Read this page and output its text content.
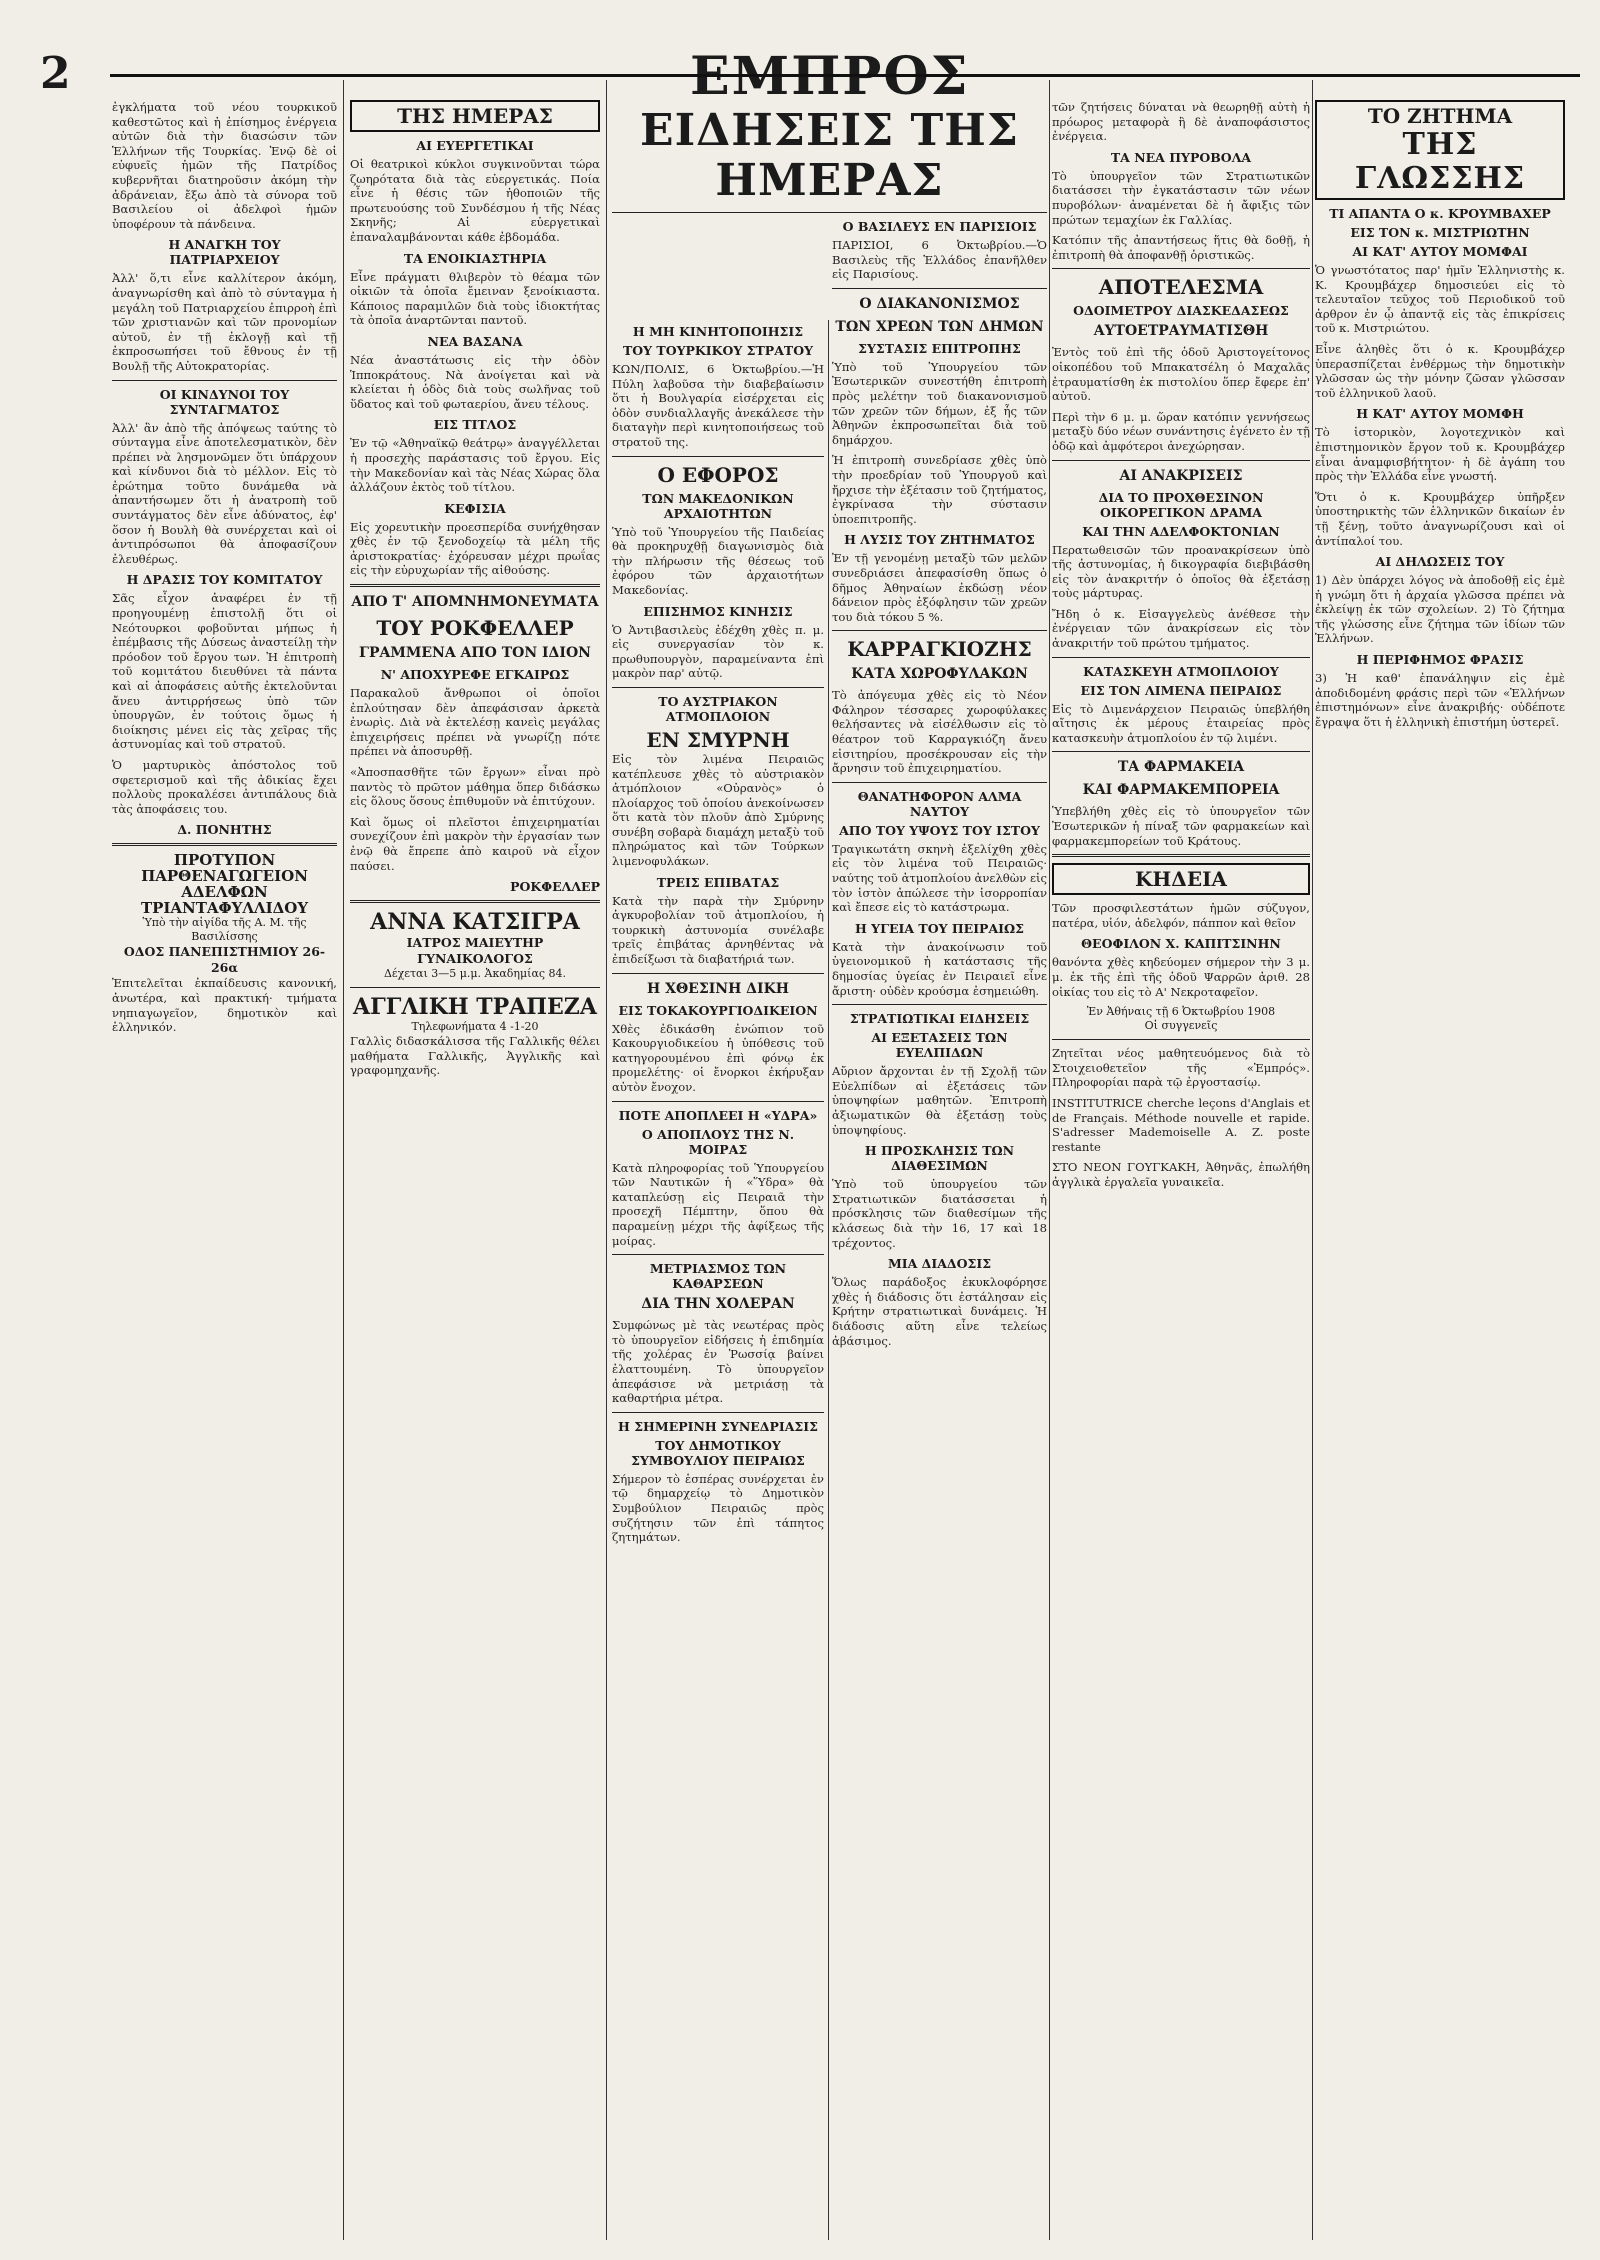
2	ΕΜΠΡΟΣ

ἐγκλήματα τοῦ νέου τουρκικοῦ καθεστῶτος καὶ ἡ ἐπίσημος ἐνέργεια αὐτῶν διὰ τὴν διασώσιν τῶν Ἑλλήνων τῆς Τουρκίας. Ἐνῷ δὲ οἱ εὐφυεῖς ἡμῶν τῆς Πατρίδος κυβερνῆται διατηροῦσιν ἀκόμη τὴν ἀδράνειαν, ἔξω ἀπὸ τὰ σύνορα τοῦ Βασιλείου οἱ ἀδελφοὶ ἡμῶν ὑποφέρουν τὰ πάνδεινα.

Η ΑΝΑΓΚΗ ΤΟΥ ΠΑΤΡΙΑΡΧΕΙΟΥ

Ἀλλ' ὅ,τι εἶνε καλλίτερον ἀκόμη, ἀναγνωρίσθη καὶ ἀπὸ τὸ σύνταγμα ἡ μεγάλη τοῦ Πατριαρχείου ἐπιρροὴ ἐπὶ τῶν χριστιανῶν καὶ τῶν προνομίων αὐτοῦ, ἐν τῇ ἐκλογῇ καὶ τῇ ἐκπροσωπήσει τοῦ ἔθνους ἐν τῇ Βουλῇ τῆς Αὐτοκρατορίας.

ΟΙ ΚΙΝΔΥΝΟΙ ΤΟΥ ΣΥΝΤΑΓΜΑΤΟΣ

Ἀλλ' ἂν ἀπὸ τῆς ἀπόψεως ταύτης τὸ σύνταγμα εἶνε ἀποτελεσματικὸν, δὲν πρέπει νὰ λησμονῶμεν ὅτι ὑπάρχουν καὶ κίνδυνοι διὰ τὸ μέλλον. Εἰς τὸ ἐρώτημα τοῦτο δυνάμεθα νὰ ἀπαντήσωμεν ὅτι ἡ ἀνατροπὴ τοῦ συντάγματος δὲν εἶνε ἀδύνατος, ἐφ' ὅσον ἡ Βουλὴ θὰ συνέρχεται καὶ οἱ ἀντιπρόσωποι θὰ ἀποφασίζουν ἐλευθέρως.

Η ΔΡΑΣΙΣ ΤΟΥ ΚΟΜΙΤΑΤΟΥ

Σᾶς εἶχον ἀναφέρει ἐν τῇ προηγουμένῃ ἐπιστολῇ ὅτι οἱ Νεότουρκοι φοβοῦνται μήπως ἡ ἐπέμβασις τῆς Δύσεως ἀναστείλῃ τὴν πρόοδον τοῦ ἔργου των. Ἡ ἐπιτροπὴ τοῦ κομιτάτου διευθύνει τὰ πάντα καὶ αἱ ἀποφάσεις αὐτῆς ἐκτελοῦνται ἄνευ ἀντιρρήσεως ὑπὸ τῶν ὑπουργῶν, ἐν τούτοις ὅμως ἡ διοίκησις μένει εἰς τὰς χεῖρας τῆς ἀστυνομίας καὶ τοῦ στρατοῦ.

Ὁ μαρτυρικὸς ἀπόστολος τοῦ σφετερισμοῦ καὶ τῆς ἀδικίας ἔχει πολλοὺς προκαλέσει ἀντιπάλους διὰ τὰς ἀποφάσεις του.

Δ. ΠΟΝΗΤΗΣ
ΠΡΟΤΥΠΟΝ ΠΑΡΘΕΝΑΓΩΓΕΙΟΝ
ΑΔΕΛΦΩΝ ΤΡΙΑΝΤΑΦΥΛΛΙΔΟΥ
Ὑπὸ τὴν αἰγίδα τῆς Α. Μ. τῆς Βασιλίσσης
ΟΔΟΣ ΠΑΝΕΠΙΣΤΗΜΙΟΥ 26-26α

Ἐπιτελεῖται ἐκπαίδευσις κανονική, ἀνωτέρα, καὶ πρακτική· τμήματα νηπιαγωγεῖον, δημοτικὸν καὶ ἑλληνικόν.

ΤΗΣ ΗΜΕΡΑΣ
ΑΙ ΕΥΕΡΓΕΤΙΚΑΙ

Οἱ θεατρικοὶ κύκλοι συγκινοῦνται τώρα ζωηρότατα διὰ τὰς εὐεργετικάς. Ποία εἶνε ἡ θέσις τῶν ἠθοποιῶν τῆς πρωτευούσης τοῦ Συνδέσμου ἡ τῆς Νέας Σκηνῆς; Αἱ εὐεργετικαὶ ἐπαναλαμβάνονται κάθε ἐβδομάδα.

ΤΑ ΕΝΟΙΚΙΑΣΤΗΡΙΑ

Εἶνε πράγματι θλιβερὸν τὸ θέαμα τῶν οἰκιῶν τὰ ὁποῖα ἔμειναν ξενοίκιαστα. Κάποιος παραμιλῶν διὰ τοὺς ἰδιοκτήτας τὰ ὁποῖα ἀναρτῶνται παντοῦ.

ΝΕΑ ΒΑΣΑΝΑ

Νέα ἀναστάτωσις εἰς τὴν ὁδὸν Ἱπποκράτους. Νὰ ἀνοίγεται καὶ νὰ κλείεται ἡ ὁδὸς διὰ τοὺς σωλῆνας τοῦ ὕδατος καὶ τοῦ φωταερίου, ἄνευ τέλους.

ΕΙΣ ΤΙΤΛΟΣ

Ἐν τῷ «Ἀθηναϊκῷ θεάτρῳ» ἀναγγέλλεται ἡ προσεχὴς παράστασις τοῦ ἔργου. Εἰς τὴν Μακεδονίαν καὶ τὰς Νέας Χώρας ὅλα ἀλλάζουν ἐκτὸς τοῦ τίτλου.

ΚΕΦΙΣΙΑ

Εἰς χορευτικὴν προεσπερίδα συνήχθησαν χθὲς ἐν τῷ ξενοδοχείῳ τὰ μέλη τῆς ἀριστοκρατίας· ἐχόρευσαν μέχρι πρωΐας εἰς τὴν εὐρυχωρίαν τῆς αἰθούσης.

ΑΠΟ Τ' ΑΠΟΜΝΗΜΟΝΕΥΜΑΤΑ
ΤΟΥ ΡΟΚΦΕΛΛΕΡ
ΓΡΑΜΜΕΝΑ ΑΠΟ ΤΟΝ ΙΔΙΟΝ
Ν' ΑΠΟΧΥΡΕΦΕ ΕΓΚΑΙΡΩΣ

Παρακαλοῦ ἄνθρωποι οἱ ὁποῖοι ἐπλούτησαν δὲν ἀπεφάσισαν ἀρκετὰ ἐνωρὶς. Διὰ νὰ ἐκτελέσῃ κανεὶς μεγάλας ἐπιχειρήσεις πρέπει νὰ γνωρίζῃ πότε πρέπει νὰ ἀποσυρθῇ.

«Ἀποσπασθῆτε τῶν ἔργων» εἶναι πρὸ παντὸς τὸ πρῶτον μάθημα ὅπερ διδάσκω εἰς ὅλους ὅσους ἐπιθυμοῦν νὰ ἐπιτύχουν.

Καὶ ὅμως οἱ πλεῖστοι ἐπιχειρηματίαι συνεχίζουν ἐπὶ μακρὸν τὴν ἐργασίαν των ἐνῷ θὰ ἔπρεπε ἀπὸ καιροῦ νὰ εἶχον παύσει.

ΡΟΚΦΕΛΛΕΡ
ΑΝΝΑ ΚΑΤΣΙΓΡΑ
ΙΑΤΡΟΣ ΜΑΙΕΥΤΗΡ ΓΥΝΑΙΚΟΛΟΓΟΣ
Δέχεται 3—5 μ.μ. Ἀκαδημίας 84.
ΑΓΓΛΙΚΗ ΤΡΑΠΕΖΑ
Τηλεφωνήματα 4 -1-20

Γαλλὶς διδασκάλισσα τῆς Γαλλικῆς θέλει μαθήματα Γαλλικῆς, Ἀγγλικῆς καὶ γραφομηχανῆς.

ΕΙΔΗΣΕΙΣ ΤΗΣ ΗΜΕΡΑΣ
Η ΜΗ ΚΙΝΗΤΟΠΟΙΗΣΙΣ
ΤΟΥ ΤΟΥΡΚΙΚΟΥ ΣΤΡΑΤΟΥ

ΚΩΝ/ΠΟΛΙΣ, 6 Ὀκτωβρίου.—Ἡ Πύλη λαβοῦσα τὴν διαβεβαίωσιν ὅτι ἡ Βουλγαρία εἰσέρχεται εἰς ὁδὸν συνδιαλλαγῆς ἀνεκάλεσε τὴν διαταγὴν περὶ κινητοποιήσεως τοῦ στρατοῦ της.

Ο ΕΦΟΡΟΣ
ΤΩΝ ΜΑΚΕΔΟΝΙΚΩΝ ΑΡΧΑΙΟΤΗΤΩΝ

Ὑπὸ τοῦ Ὑπουργείου τῆς Παιδείας θὰ προκηρυχθῇ διαγωνισμὸς διὰ τὴν πλήρωσιν τῆς θέσεως τοῦ ἐφόρου τῶν ἀρχαιοτήτων Μακεδονίας.

ΕΠΙΣΗΜΟΣ ΚΙΝΗΣΙΣ

Ὁ Ἀντιβασιλεὺς ἐδέχθη χθὲς π. μ. εἰς συνεργασίαν τὸν κ. πρωθυπουργὸν, παραμείναντα ἐπὶ μακρὸν παρ' αὐτῷ.

ΤΟ ΑΥΣΤΡΙΑΚΟΝ ΑΤΜΟΠΛΟΙΟΝ
ΕΝ ΣΜΥΡΝΗ

Εἰς τὸν λιμένα Πειραιῶς κατέπλευσε χθὲς τὸ αὐστριακὸν ἀτμόπλοιον «Οὐρανὸς» ὁ πλοίαρχος τοῦ ὁποίου ἀνεκοίνωσεν ὅτι κατὰ τὸν πλοῦν ἀπὸ Σμύρνης συνέβη σοβαρὰ διαμάχη μεταξὺ τοῦ πληρώματος καὶ τῶν Τούρκων λιμενοφυλάκων.

ΤΡΕΙΣ ΕΠΙΒΑΤΑΣ

Κατὰ τὴν παρὰ τὴν Σμύρνην ἀγκυροβολίαν τοῦ ἀτμοπλοίου, ἡ τουρκικὴ ἀστυνομία συνέλαβε τρεῖς ἐπιβάτας ἀρνηθέντας νὰ ἐπιδείξωσι τὰ διαβατήριά των.

Η ΧΘΕΣΙΝΗ ΔΙΚΗ
ΕΙΣ ΤΟΚΑΚΟΥΡΓΙΟΔΙΚΕΙΟΝ

Χθὲς ἐδικάσθη ἐνώπιον τοῦ Κακουργιοδικείου ἡ ὑπόθεσις τοῦ κατηγορουμένου ἐπὶ φόνῳ ἐκ προμελέτης· οἱ ἔνορκοι ἐκήρυξαν αὐτὸν ἔνοχον.

ΠΟΤΕ ΑΠΟΠΛΕΕΙ Η «ΥΔΡΑ»
Ο ΑΠΟΠΛΟΥΣ ΤΗΣ Ν. ΜΟΙΡΑΣ

Κατὰ πληροφορίας τοῦ Ὑπουργείου τῶν Ναυτικῶν ἡ «Ὕδρα» θὰ καταπλεύσῃ εἰς Πειραιᾶ τὴν προσεχῆ Πέμπτην, ὅπου θὰ παραμείνῃ μέχρι τῆς ἀφίξεως τῆς μοίρας.

ΜΕΤΡΙΑΣΜΟΣ ΤΩΝ ΚΑΘΑΡΣΕΩΝ
ΔΙΑ ΤΗΝ ΧΟΛΕΡΑΝ

Συμφώνως μὲ τὰς νεωτέρας πρὸς τὸ ὑπουργεῖον εἰδήσεις ἡ ἐπιδημία τῆς χολέρας ἐν Ῥωσσίᾳ βαίνει ἐλαττουμένη. Τὸ ὑπουργεῖον ἀπεφάσισε νὰ μετριάσῃ τὰ καθαρτήρια μέτρα.

Η ΣΗΜΕΡΙΝΗ ΣΥΝΕΔΡΙΑΣΙΣ
ΤΟΥ ΔΗΜΟΤΙΚΟΥ ΣΥΜΒΟΥΛΙΟΥ ΠΕΙΡΑΙΩΣ

Σήμερον τὸ ἑσπέρας συνέρχεται ἐν τῷ δημαρχείῳ τὸ Δημοτικὸν Συμβούλιον Πειραιῶς πρὸς συζήτησιν τῶν ἐπὶ τάπητος ζητημάτων.

Ο ΒΑΣΙΛΕΥΣ ΕΝ ΠΑΡΙΣΙΟΙΣ

ΠΑΡΙΣΙΟΙ, 6 Ὀκτωβρίου.—Ὁ Βασιλεὺς τῆς Ἑλλάδος ἐπανῆλθεν εἰς Παρισίους.

Ο ΔΙΑΚΑΝΟΝΙΣΜΟΣ
ΤΩΝ ΧΡΕΩΝ ΤΩΝ ΔΗΜΩΝ
ΣΥΣΤΑΣΙΣ ΕΠΙΤΡΟΠΗΣ

Ὑπὸ τοῦ Ὑπουργείου τῶν Ἐσωτερικῶν συνεστήθη ἐπιτροπὴ πρὸς μελέτην τοῦ διακανονισμοῦ τῶν χρεῶν τῶν δήμων, ἐξ ἧς τῶν Ἀθηνῶν ἐκπροσωπεῖται διὰ τοῦ δημάρχου.

Ἡ ἐπιτροπὴ συνεδρίασε χθὲς ὑπὸ τὴν προεδρίαν τοῦ Ὑπουργοῦ καὶ ἤρχισε τὴν ἐξέτασιν τοῦ ζητήματος, ἐγκρίνασα τὴν σύστασιν ὑποεπιτροπῆς.

Η ΛΥΣΙΣ ΤΟΥ ΖΗΤΗΜΑΤΟΣ

Ἐν τῇ γενομένῃ μεταξὺ τῶν μελῶν συνεδριάσει ἀπεφασίσθη ὅπως ὁ δῆμος Ἀθηναίων ἐκδώσῃ νέον δάνειον πρὸς ἐξόφλησιν τῶν χρεῶν του διὰ τόκου 5 %.

ΚΑΡΡΑΓΚΙΟΖΗΣ
ΚΑΤΑ ΧΩΡΟΦΥΛΑΚΩΝ

Τὸ ἀπόγευμα χθὲς εἰς τὸ Νέον Φάληρον τέσσαρες χωροφύλακες θελήσαντες νὰ εἰσέλθωσιν εἰς τὸ θέατρον τοῦ Καρραγκιόζη ἄνευ εἰσιτηρίου, προσέκρουσαν εἰς τὴν ἄρνησιν τοῦ ἐπιχειρηματίου.

ΘΑΝΑΤΗΦΟΡΟΝ ΑΛΜΑ ΝΑΥΤΟΥ
ΑΠΟ ΤΟΥ ΥΨΟΥΣ ΤΟΥ ΙΣΤΟΥ

Τραγικωτάτη σκηνὴ ἐξελίχθη χθὲς εἰς τὸν λιμένα τοῦ Πειραιῶς· ναύτης τοῦ ἀτμοπλοίου ἀνελθὼν εἰς τὸν ἱστὸν ἀπώλεσε τὴν ἰσορροπίαν καὶ ἔπεσε εἰς τὸ κατάστρωμα.

Η ΥΓΕΙΑ ΤΟΥ ΠΕΙΡΑΙΩΣ

Κατὰ τὴν ἀνακοίνωσιν τοῦ ὑγειονομικοῦ ἡ κατάστασις τῆς δημοσίας ὑγείας ἐν Πειραιεῖ εἶνε ἄριστη· οὐδὲν κρούσμα ἐσημειώθη.

ΣΤΡΑΤΙΩΤΙΚΑΙ ΕΙΔΗΣΕΙΣ
ΑΙ ΕΞΕΤΑΣΕΙΣ ΤΩΝ ΕΥΕΛΠΙΔΩΝ

Αὔριον ἄρχονται ἐν τῇ Σχολῇ τῶν Εὐελπίδων αἱ ἐξετάσεις τῶν ὑποψηφίων μαθητῶν. Ἐπιτροπὴ ἀξιωματικῶν θὰ ἐξετάσῃ τοὺς ὑποψηφίους.

Η ΠΡΟΣΚΛΗΣΙΣ ΤΩΝ ΔΙΑΘΕΣΙΜΩΝ

Ὑπὸ τοῦ ὑπουργείου τῶν Στρατιωτικῶν διατάσσεται ἡ πρόσκλησις τῶν διαθεσίμων τῆς κλάσεως διὰ τὴν 16, 17 καὶ 18 τρέχοντος.

ΜΙΑ ΔΙΑΔΟΣΙΣ

Ὅλως παράδοξος ἐκυκλοφόρησε χθὲς ἡ διάδοσις ὅτι ἐστάλησαν εἰς Κρήτην στρατιωτικαὶ δυνάμεις. Ἡ διάδοσις αὕτη εἶνε τελείως ἀβάσιμος.

τῶν ζητήσεις δύναται νὰ θεωρηθῇ αὐτὴ ἡ πρόωρος μεταφορὰ ἢ δὲ ἀναποφάσιστος ἐνέργεια.

ΤΑ ΝΕΑ ΠΥΡΟΒΟΛΑ

Τὸ ὑπουργεῖον τῶν Στρατιωτικῶν διατάσσει τὴν ἐγκατάστασιν τῶν νέων πυροβόλων· ἀναμένεται δὲ ἡ ἄφιξις τῶν πρώτων τεμαχίων ἐκ Γαλλίας.

Κατόπιν τῆς ἀπαντήσεως ἥτις θὰ δοθῇ, ἡ ἐπιτροπὴ θὰ ἀποφανθῇ ὁριστικῶς.

ΑΠΟΤΕΛΕΣΜΑ
ΟΔΟΙΜΕΤΡΟΥ ΔΙΑΣΚΕΔΑΣΕΩΣ
ΑΥΤΟΕΤΡΑΥΜΑΤΙΣΘΗ

Ἐντὸς τοῦ ἐπὶ τῆς ὁδοῦ Ἀριστογείτονος οἰκοπέδου τοῦ Μπακατσέλη ὁ Μαχαλᾶς ἐτραυματίσθη ἐκ πιστολίου ὅπερ ἔφερε ἐπ' αὐτοῦ.

Περὶ τὴν 6 μ. μ. ὥραν κατόπιν γεννήσεως μεταξὺ δύο νέων συνάντησις ἐγένετο ἐν τῇ ὁδῷ καὶ ἀμφότεροι ἀνεχώρησαν.

ΑΙ ΑΝΑΚΡΙΣΕΙΣ
ΔΙΑ ΤΟ ΠΡΟΧΘΕΣΙΝΟΝ ΟΙΚΟΡΕΓΙΚΟΝ ΔΡΑΜΑ
ΚΑΙ ΤΗΝ ΑΔΕΛΦΟΚΤΟΝΙΑΝ

Περατωθεισῶν τῶν προανακρίσεων ὑπὸ τῆς ἀστυνομίας, ἡ δικογραφία διεβιβάσθη εἰς τὸν ἀνακριτήν ὁ ὁποῖος θὰ ἐξετάσῃ τοὺς μάρτυρας.

Ἤδη ὁ κ. Εἰσαγγελεὺς ἀνέθεσε τὴν ἐνέργειαν τῶν ἀνακρίσεων εἰς τὸν ἀνακριτήν τοῦ πρώτου τμήματος.

ΚΑΤΑΣΚΕΥΗ ΑΤΜΟΠΛΟΙΟΥ
ΕΙΣ ΤΟΝ ΛΙΜΕΝΑ ΠΕΙΡΑΙΩΣ

Εἰς τὸ Διμενάρχειον Πειραιῶς ὑπεβλήθη αἴτησις ἐκ μέρους ἑταιρείας πρὸς κατασκευὴν ἀτμοπλοίου ἐν τῷ λιμένι.

ΤΑ ΦΑΡΜΑΚΕΙΑ
ΚΑΙ ΦΑΡΜΑΚΕΜΠΟΡΕΙΑ

Ὑπεβλήθη χθὲς εἰς τὸ ὑπουργεῖον τῶν Ἐσωτερικῶν ἡ πίναξ τῶν φαρμακείων καὶ φαρμακεμπορείων τοῦ Κράτους.

ΚΗΔΕΙΑ

Τῶν προσφιλεστάτων ἡμῶν σύζυγον, πατέρα, υἱόν, ἀδελφόν, πάππον καὶ θεῖον

ΘΕΟΦΙΛΟΝ Χ. ΚΑΠΙΤΣΙΝΗΝ

θανόντα χθὲς κηδεύομεν σήμερον τὴν 3 μ. μ. ἐκ τῆς ἐπὶ τῆς ὁδοῦ Ψαρρῶν ἀριθ. 28 οἰκίας του εἰς τὸ Α' Νεκροταφεῖον.

Ἐν Ἀθήναις τῇ 6 Ὀκτωβρίου 1908
Οἱ συγγενεῖς

Ζητεῖται νέος μαθητευόμενος διὰ τὸ Στοιχειοθετεῖον τῆς «Ἐμπρός». Πληροφορίαι παρὰ τῷ ἐργοστασίῳ.

INSTITUTRICE cherche leçons d'Anglais et de Français. Méthode nouvelle et rapide. S'adresser Mademoiselle A. Z. poste restante

ΣΤΟ ΝΕΟΝ ΓΟΥΓΚΑΚΗ, Ἀθηνᾶς, ἐπωλήθη ἀγγλικὰ ἐργαλεῖα γυναικεῖα.

ΤΟ ΖΗΤΗΜΑ
ΤΗΣ ΓΛΩΣΣΗΣ
ΤΙ ΑΠΑΝΤΑ Ο κ. ΚΡΟΥΜΒΑΧΕΡ
ΕΙΣ ΤΟΝ κ. ΜΙΣΤΡΙΩΤΗΝ
ΑΙ ΚΑΤ' ΑΥΤΟΥ ΜΟΜΦΑΙ

Ὁ γνωστότατος παρ' ἡμῖν Ἑλληνιστὴς κ. Κ. Κρουμβάχερ δημοσιεύει εἰς τὸ τελευταῖον τεῦχος τοῦ Περιοδικοῦ τοῦ ἀρθρον ἐν ᾧ ἀπαντᾷ εἰς τὰς ἐπικρίσεις τοῦ κ. Μιστριώτου.

Εἶνε ἀληθὲς ὅτι ὁ κ. Κρουμβάχερ ὑπερασπίζεται ἐνθέρμως τὴν δημοτικὴν γλῶσσαν ὡς τὴν μόνην ζῶσαν γλῶσσαν τοῦ ἑλληνικοῦ λαοῦ.

Η ΚΑΤ' ΑΥΤΟΥ ΜΟΜΦΗ

Τὸ ἱστορικὸν, λογοτεχνικὸν καὶ ἐπιστημονικὸν ἔργον τοῦ κ. Κρουμβάχερ εἶναι ἀναμφισβήτητον· ἡ δὲ ἀγάπη του πρὸς τὴν Ἑλλάδα εἶνε γνωστή.

Ὅτι ὁ κ. Κρουμβάχερ ὑπῆρξεν ὑποστηρικτὴς τῶν ἑλληνικῶν δικαίων ἐν τῇ ξένῃ, τοῦτο ἀναγνωρίζουσι καὶ οἱ ἀντίπαλοί του.

ΑΙ ΔΗΛΩΣΕΙΣ ΤΟΥ

1) Δὲν ὑπάρχει λόγος νὰ ἀποδοθῇ εἰς ἐμὲ ἡ γνώμη ὅτι ἡ ἀρχαία γλῶσσα πρέπει νὰ ἐκλείψῃ ἐκ τῶν σχολείων. 2) Τὸ ζήτημα τῆς γλώσσης εἶνε ζήτημα τῶν ἰδίων τῶν Ἑλλήνων.

Η ΠΕΡΙΦΗΜΟΣ ΦΡΑΣΙΣ

3) Ἡ καθ' ἐπανάληψιν εἰς ἐμὲ ἀποδιδομένη φράσις περὶ τῶν «Ἑλλήνων ἐπιστημόνων» εἶνε ἀνακριβής· οὐδέποτε ἔγραψα ὅτι ἡ ἑλληνικὴ ἐπιστήμη ὑστερεῖ.
